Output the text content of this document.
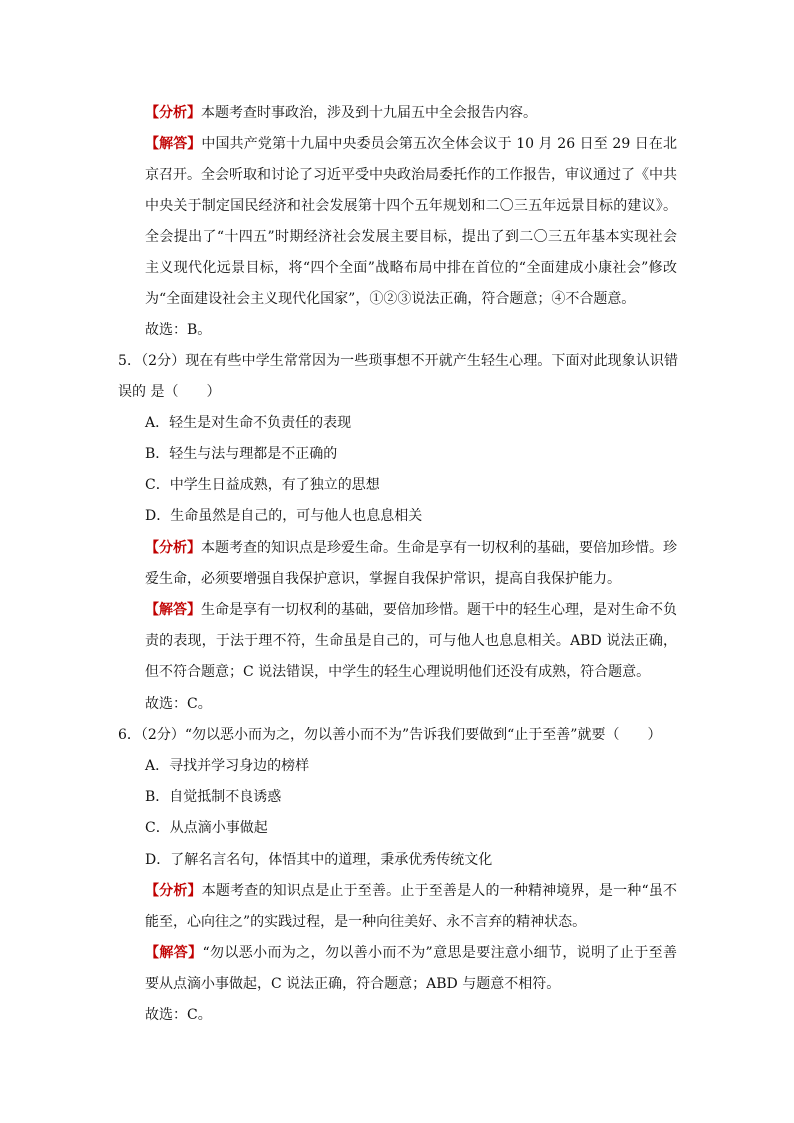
【分析】本题考查时事政治，涉及到十九届五中全会报告内容。
【解答】中国共产党第十九届中央委员会第五次全体会议于 10 月 26 日至 29 日在北京召开。全会听取和讨论了习近平受中央政治局委托作的工作报告，审议通过了《中共中央关于制定国民经济和社会发展第十四个五年规划和二〇三五年远景目标的建议》。全会提出了“十四五”时期经济社会发展主要目标，提出了到二〇三五年基本实现社会主义现代化远景目标，将“四个全面”战略布局中排在首位的“全面建成小康社会”修改为“全面建设社会主义现代化国家”，①②③说法正确，符合题意；④不合题意。
故选：B。
5．（2分）现在有些中学生常常因为一些琐事想不开就产生轻生心理。下面对此现象认识错误的 是（　　）
A．轻生是对生命不负责任的表现
B．轻生与法与理都是不正确的
C．中学生日益成熟，有了独立的思想
D．生命虽然是自己的，可与他人也息息相关
【分析】本题考查的知识点是珍爱生命。生命是享有一切权利的基础，要倍加珍惜。珍爱生命，必须要增强自我保护意识，掌握自我保护常识，提高自我保护能力。
【解答】生命是享有一切权利的基础，要倍加珍惜。题干中的轻生心理，是对生命不负责的表现，于法于理不符，生命虽是自己的，可与他人也息息相关。ABD 说法正确，但不符合题意；C 说法错误，中学生的轻生心理说明他们还没有成熟，符合题意。
故选：C。
6．（2分）“勿以恶小而为之，勿以善小而不为”告诉我们要做到“止于至善”就要（　　）
A．寻找并学习身边的榜样
B．自觉抵制不良诱惑
C．从点滴小事做起
D．了解名言名句，体悟其中的道理，秉承优秀传统文化
【分析】本题考查的知识点是止于至善。止于至善是人的一种精神境界，是一种“虽不能至，心向往之”的实践过程，是一种向往美好、永不言弃的精神状态。
【解答】“勿以恶小而为之，勿以善小而不为”意思是要注意小细节，说明了止于至善要从点滴小事做起，C 说法正确，符合题意；ABD 与题意不相符。
故选：C。
